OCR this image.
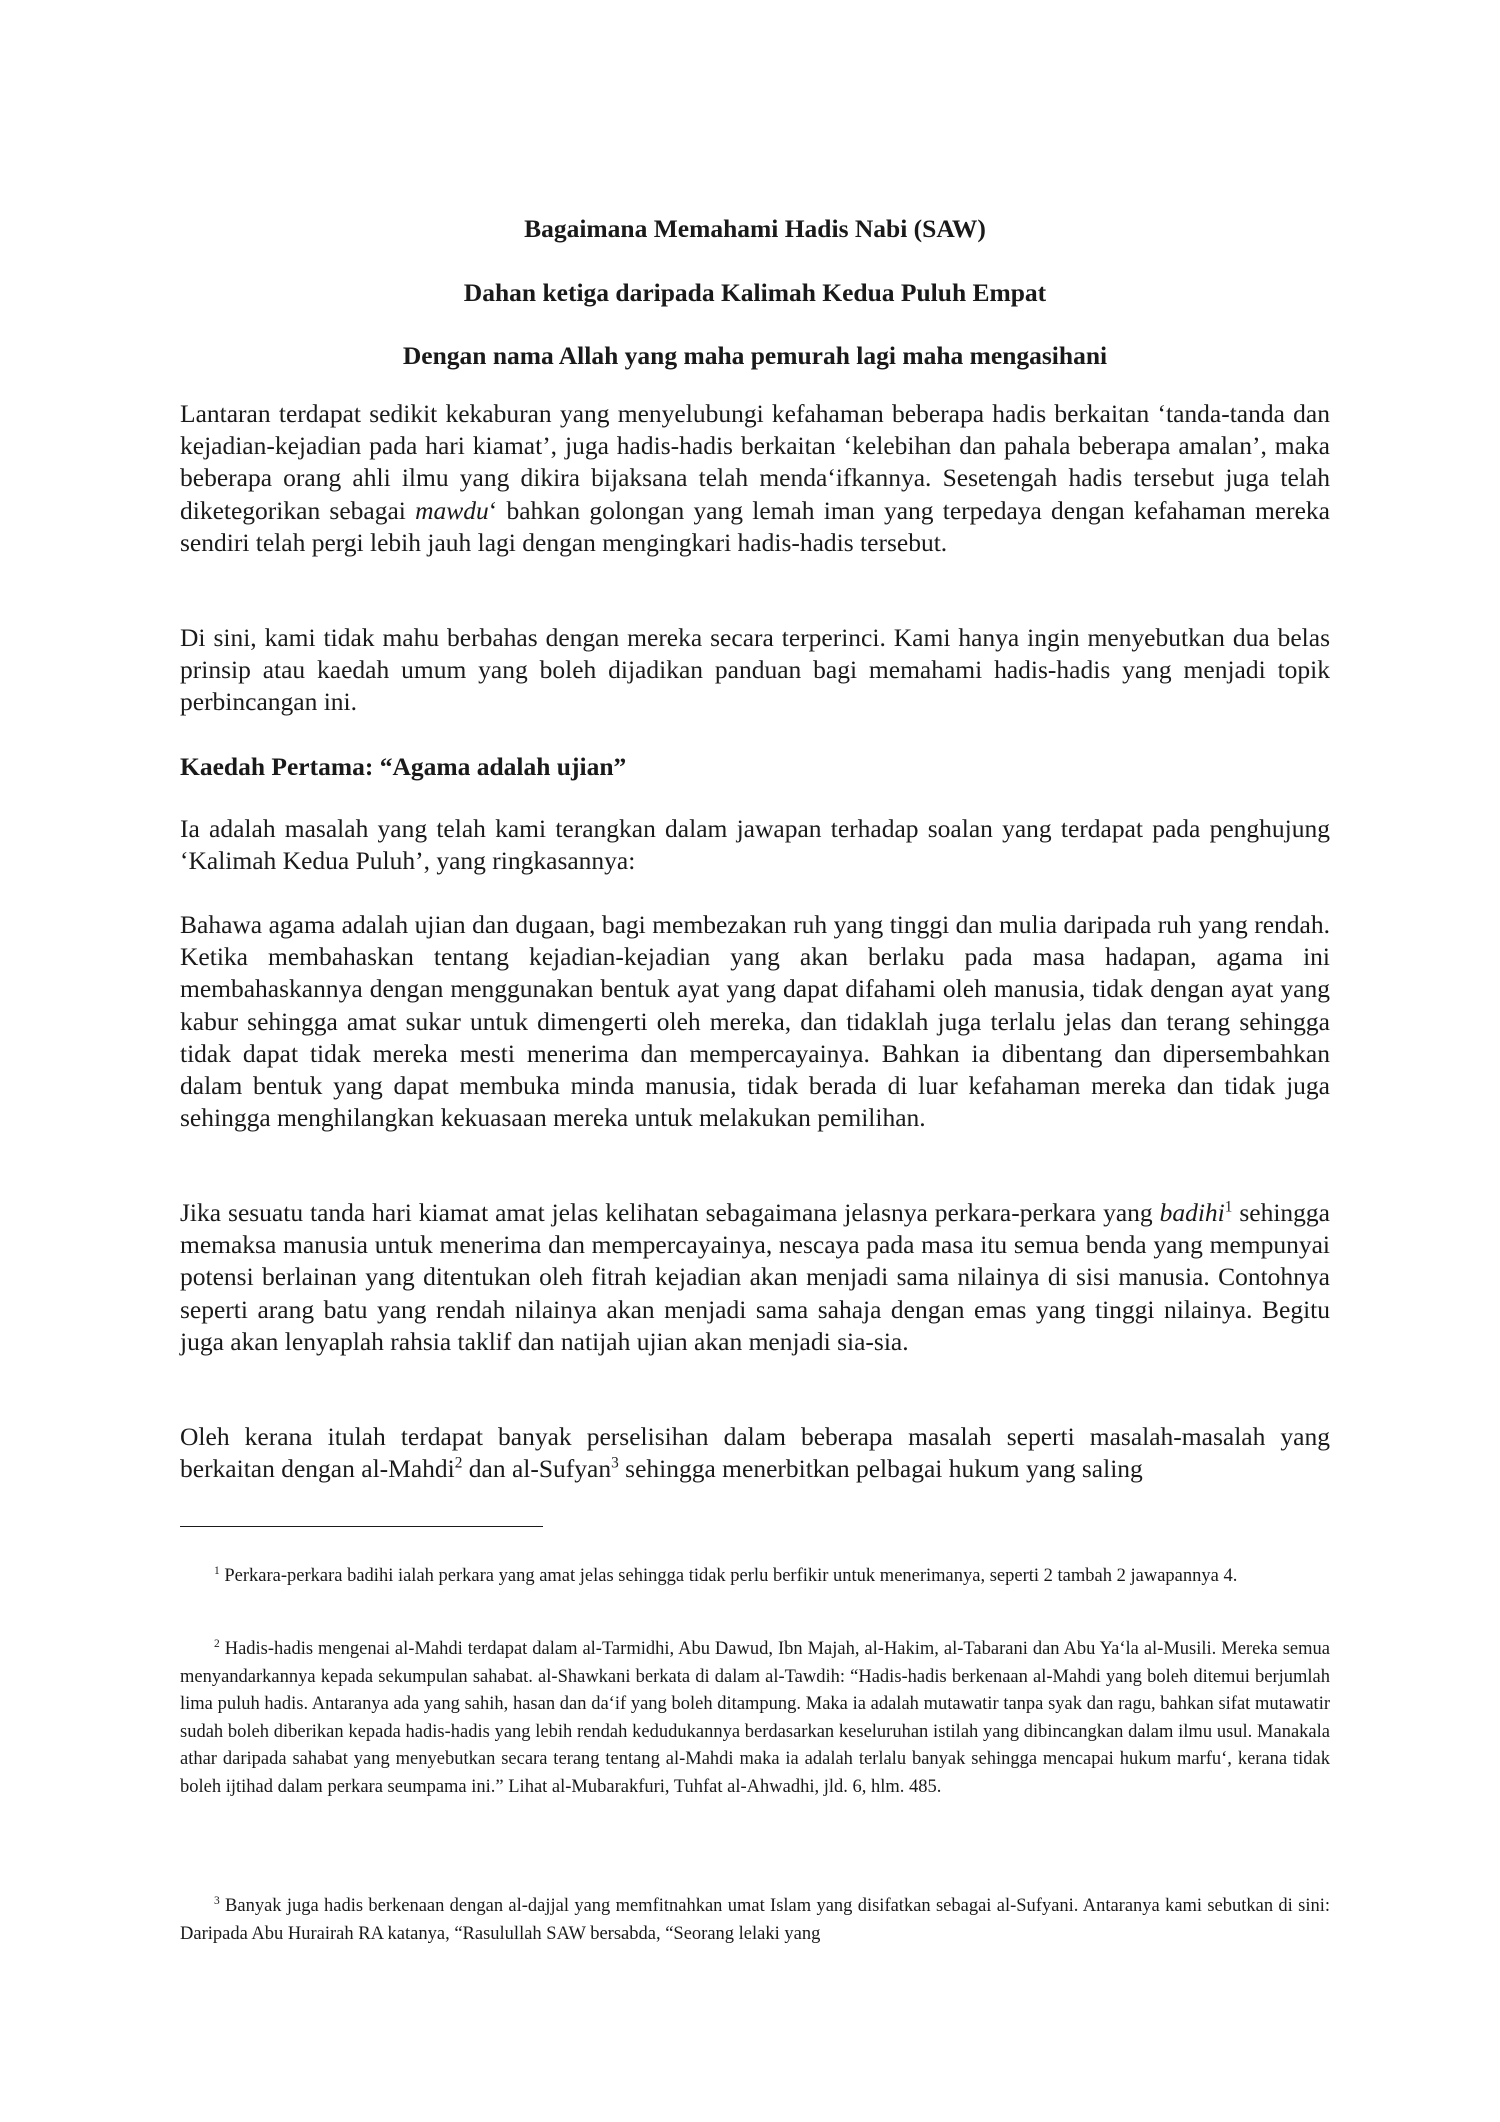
Bagaimana Memahami Hadis Nabi (SAW)

Dahan ketiga daripada Kalimah Kedua Puluh Empat

Dengan nama Allah yang maha pemurah lagi maha mengasihani

Lantaran terdapat sedikit kekaburan yang menyelubungi kefahaman beberapa hadis berkaitan ‘tanda-tanda dan kejadian-kejadian pada hari kiamat’, juga hadis-hadis berkaitan ‘kelebihan dan pahala beberapa amalan’, maka beberapa orang ahli ilmu yang dikira bijaksana telah menda‘ifkannya. Sesetengah hadis tersebut juga telah diketegorikan sebagai mawdu‘ bahkan golongan yang lemah iman yang terpedaya dengan kefahaman mereka sendiri telah pergi lebih jauh lagi dengan mengingkari hadis-hadis tersebut.

Di sini, kami tidak mahu berbahas dengan mereka secara terperinci. Kami hanya ingin menyebutkan dua belas prinsip atau kaedah umum yang boleh dijadikan panduan bagi memahami hadis-hadis yang menjadi topik perbincangan ini.

Kaedah Pertama: “Agama adalah ujian”

Ia adalah masalah yang telah kami terangkan dalam jawapan terhadap soalan yang terdapat pada penghujung ‘Kalimah Kedua Puluh’, yang ringkasannya:

Bahawa agama adalah ujian dan dugaan, bagi membezakan ruh yang tinggi dan mulia daripada ruh yang rendah. Ketika membahaskan tentang kejadian-kejadian yang akan berlaku pada masa hadapan, agama ini membahaskannya dengan menggunakan bentuk ayat yang dapat difahami oleh manusia, tidak dengan ayat yang kabur sehingga amat sukar untuk dimengerti oleh mereka, dan tidaklah juga terlalu jelas dan terang sehingga tidak dapat tidak mereka mesti menerima dan mempercayainya. Bahkan ia dibentang dan dipersembahkan dalam bentuk yang dapat membuka minda manusia, tidak berada di luar kefahaman mereka dan tidak juga sehingga menghilangkan kekuasaan mereka untuk melakukan pemilihan.

Jika sesuatu tanda hari kiamat amat jelas kelihatan sebagaimana jelasnya perkara-perkara yang badihi$^1$ sehingga memaksa manusia untuk menerima dan mempercayainya, nescaya pada masa itu semua benda yang mempunyai potensi berlainan yang ditentukan oleh fitrah kejadian akan menjadi sama nilainya di sisi manusia. Contohnya seperti arang batu yang rendah nilainya akan menjadi sama sahaja dengan emas yang tinggi nilainya. Begitu juga akan lenyaplah rahsia taklif dan natijah ujian akan menjadi sia-sia.

Oleh kerana itulah terdapat banyak perselisihan dalam beberapa masalah seperti masalah-masalah yang berkaitan dengan al-Mahdi$^2$ dan al-Sufyan$^3$ sehingga menerbitkan pelbagai hukum yang saling

$^1$ Perkara-perkara badihi ialah perkara yang amat jelas sehingga tidak perlu berfikir untuk menerimanya, seperti 2 tambah 2 jawapannya 4.

$^2$ Hadis-hadis mengenai al-Mahdi terdapat dalam al-Tarmidhi, Abu Dawud, Ibn Majah, al-Hakim, al-Tabarani dan Abu Ya‘la al-Musili. Mereka semua menyandarkannya kepada sekumpulan sahabat. al-Shawkani berkata di dalam al-Tawdih: “Hadis-hadis berkenaan al-Mahdi yang boleh ditemui berjumlah lima puluh hadis. Antaranya ada yang sahih, hasan dan da‘if yang boleh ditampung. Maka ia adalah mutawatir tanpa syak dan ragu, bahkan sifat mutawatir sudah boleh diberikan kepada hadis-hadis yang lebih rendah kedudukannya berdasarkan keseluruhan istilah yang dibincangkan dalam ilmu usul. Manakala athar daripada sahabat yang menyebutkan secara terang tentang al-Mahdi maka ia adalah terlalu banyak sehingga mencapai hukum marfu‘, kerana tidak boleh ijtihad dalam perkara seumpama ini.” Lihat al-Mubarakfuri, Tuhfat al-Ahwadhi, jld. 6, hlm. 485.

$^3$ Banyak juga hadis berkenaan dengan al-dajjal yang memfitnahkan umat Islam yang disifatkan sebagai al-Sufyani. Antaranya kami sebutkan di sini: Daripada Abu Hurairah RA katanya, “Rasulullah SAW bersabda, “Seorang lelaki yang
